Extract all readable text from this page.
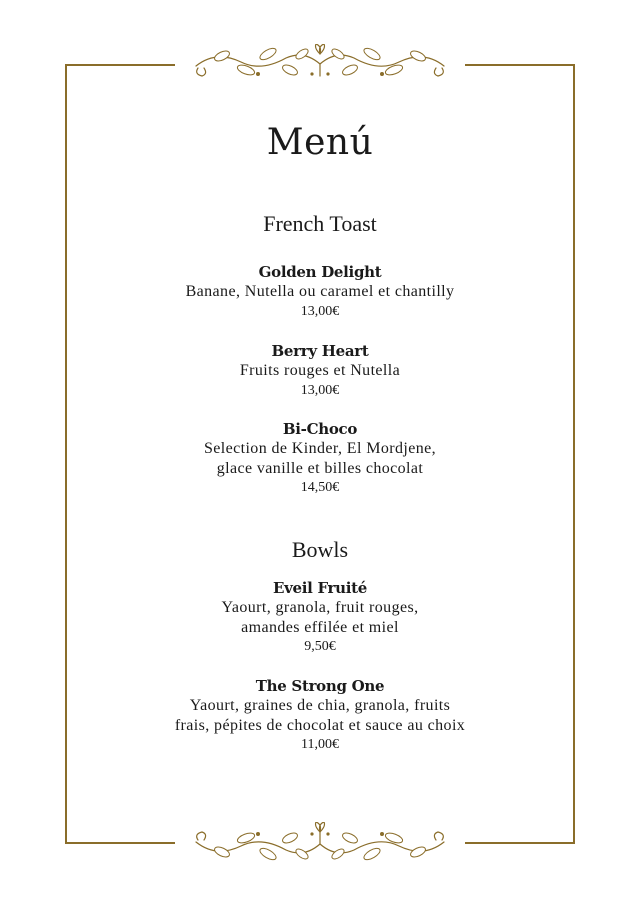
Menú
French Toast
Golden Delight
Banane, Nutella ou caramel et chantilly
13,00€
Berry Heart
Fruits rouges et Nutella
13,00€
Bi-Choco
Selection de Kinder, El Mordjene,
glace vanille et billes chocolat
14,50€
Bowls
Eveil Fruité
Yaourt, granola, fruit rouges,
amandes effilée et miel
9,50€
The Strong One
Yaourt, graines de chia, granola, fruits
frais, pépites de chocolat et sauce au choix
11,00€
